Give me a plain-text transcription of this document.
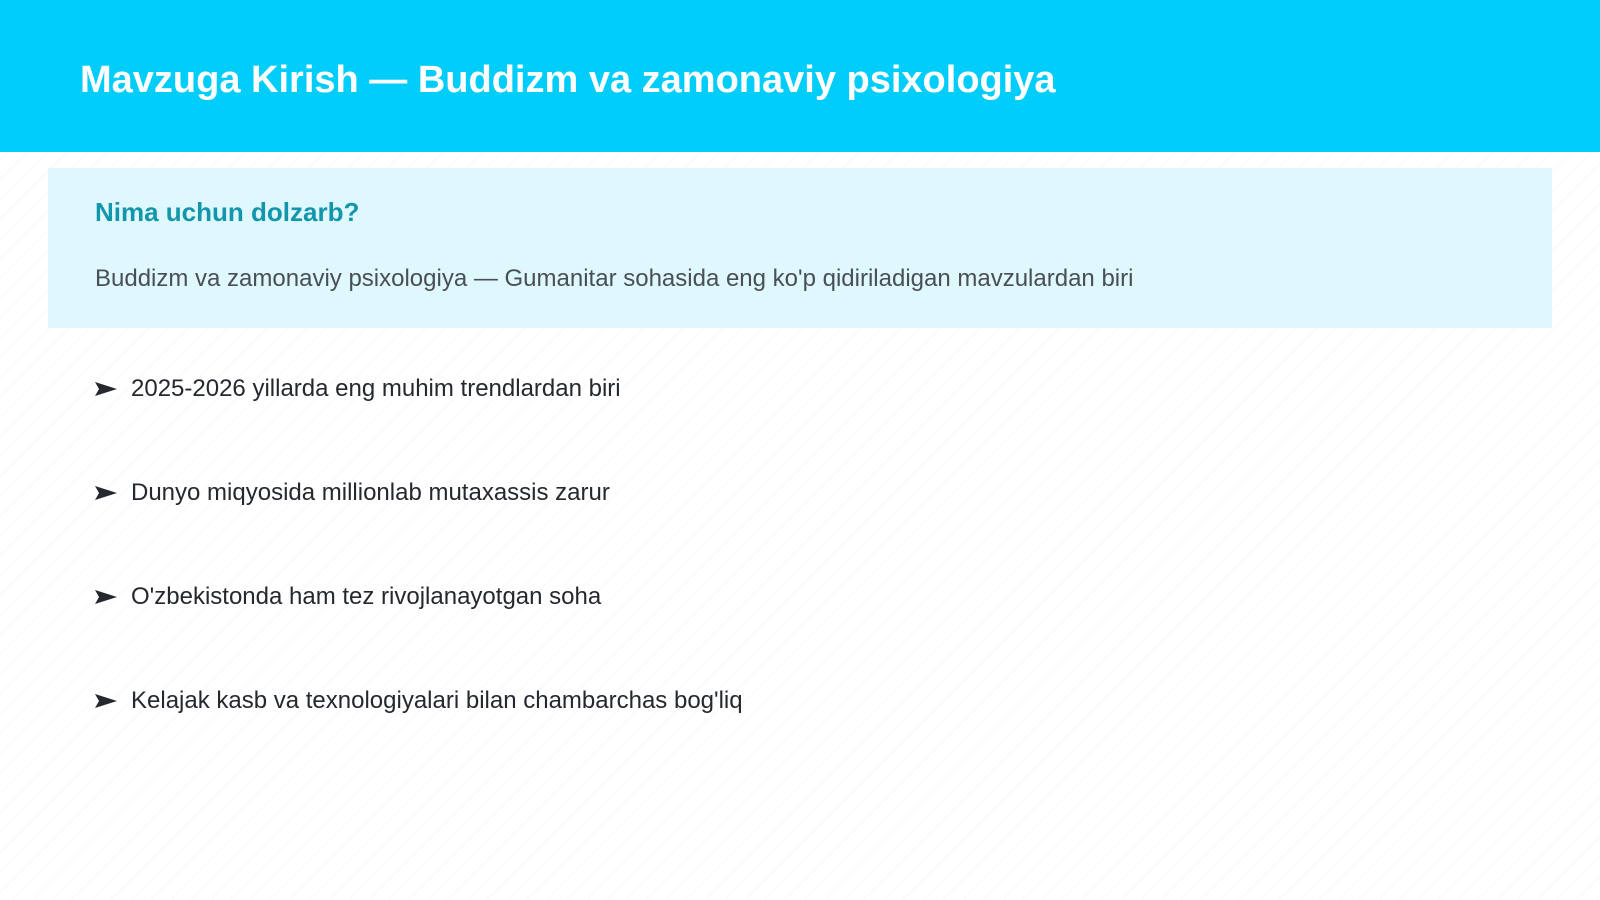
Mavzuga Kirish — Buddizm va zamonaviy psixologiya
Nima uchun dolzarb?
Buddizm va zamonaviy psixologiya — Gumanitar sohasida eng ko'p qidiriladigan mavzulardan biri
2025-2026 yillarda eng muhim trendlardan biri
Dunyo miqyosida millionlab mutaxassis zarur
O'zbekistonda ham tez rivojlanayotgan soha
Kelajak kasb va texnologiyalari bilan chambarchas bog'liq
